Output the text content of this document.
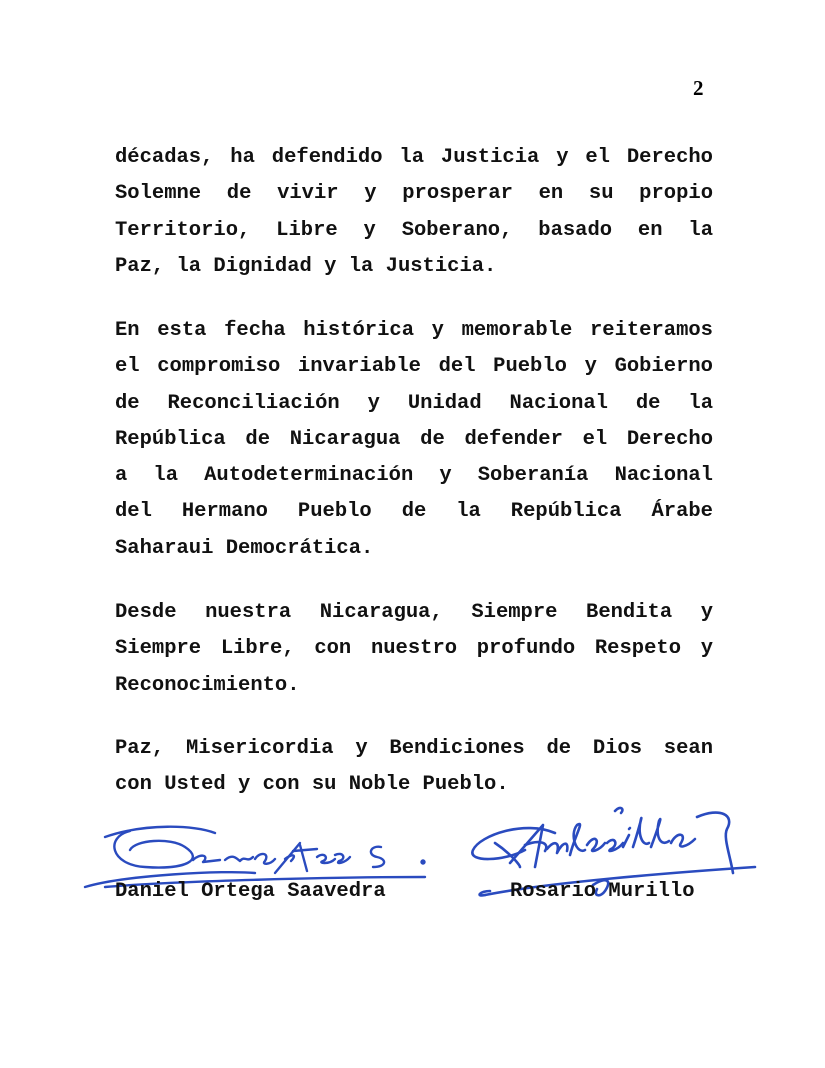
2
décadas, ha defendido la Justicia y el Derecho
Solemne de vivir y prosperar en su propio
Territorio, Libre y Soberano, basado en la
Paz, la Dignidad y la Justicia.
En esta fecha histórica y memorable reiteramos
el compromiso invariable del Pueblo y Gobierno
de Reconciliación y Unidad Nacional de la
República de Nicaragua de defender el Derecho
a la Autodeterminación y Soberanía Nacional
del Hermano Pueblo de la República Árabe
Saharaui Democrática.
Desde nuestra Nicaragua, Siempre Bendita y
Siempre Libre, con nuestro profundo Respeto y
Reconocimiento.
Paz, Misericordia y Bendiciones de Dios sean
con Usted y con su Noble Pueblo.
Daniel Ortega Saavedra	Rosario Murillo
